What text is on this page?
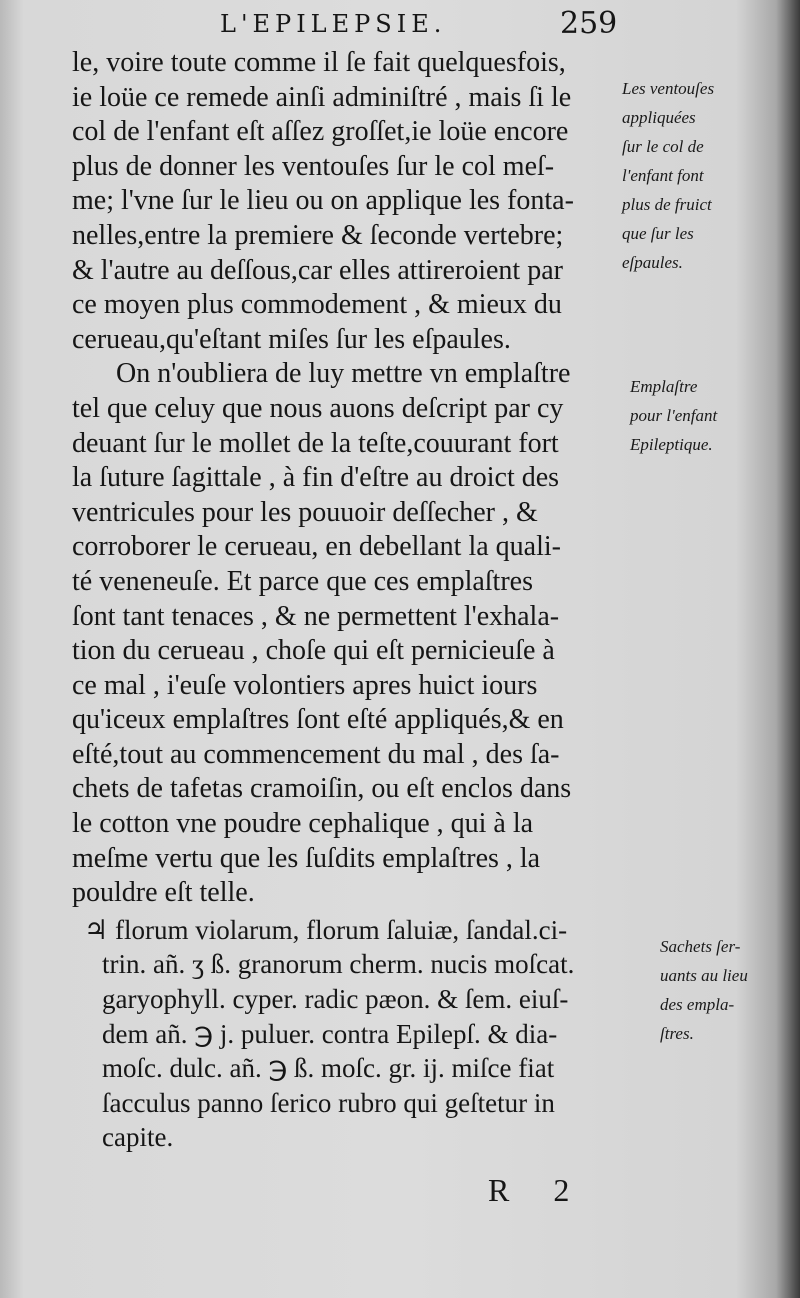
L'EPILEPSIE.	259
le, voire toute comme il ſe fait quelquesfois,
ie loüe ce remede ainſi adminiſtré , mais ſi le
col de l'enfant eſt aſſez groſſet,ie loüe encore
plus de donner les ventouſes ſur le col meſ-
me; l'vne ſur le lieu ou on applique les fonta-
nelles,entre la premiere & ſeconde vertebre;
& l'autre au deſſous,car elles attireroient par
ce moyen plus commodement , & mieux du
cerueau,qu'eſtant miſes ſur les eſpaules.
On n'oubliera de luy mettre vn emplaſtre
tel que celuy que nous auons deſcript par cy
deuant ſur le mollet de la teſte,couurant fort
la ſuture ſagittale , à fin d'eſtre au droict des
ventricules pour les pouuoir deſſecher , &
corroborer le cerueau, en debellant la quali-
té veneneuſe. Et parce que ces emplaſtres
ſont tant tenaces , & ne permettent l'exhala-
tion du cerueau , choſe qui eſt pernicieuſe à
ce mal , i'euſe volontiers apres huict iours
qu'iceux emplaſtres ſont eſté appliqués,& en
eſté,tout au commencement du mal , des ſa-
chets de tafetas cramoiſin, ou eſt enclos dans
le cotton vne poudre cephalique , qui à la
meſme vertu que les ſuſdits emplaſtres , la
pouldre eſt telle.
♃ florum violarum, florum ſaluiæ, ſandal.ci-
trin. añ. ʒ ß. granorum cherm. nucis moſcat.
garyophyll. cyper. radic pæon. & ſem. eiuſ-
dem añ. ℈ j. puluer. contra Epilepſ. & dia-
moſc. dulc. añ. ℈ ß. moſc. gr. ij. miſce fiat
ſacculus panno ſerico rubro qui geſtetur in
capite.
Les ventouſes
appliquées
ſur le col de
l'enfant font
plus de fruict
que ſur les
eſpaules.
Emplaſtre
pour l'enfant
Epileptique.
Sachets ſer-
uants au lieu
des empla-
ſtres.
R 2
